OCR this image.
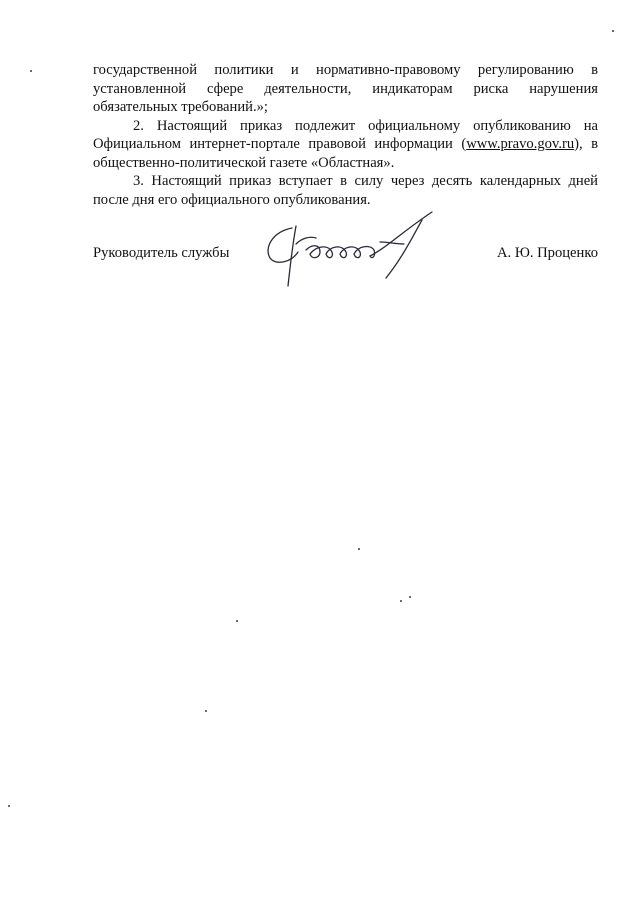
государственной политики и нормативно-правовому регулированию в установленной сфере деятельности, индикаторам риска нарушения обязательных требований.»;

2. Настоящий приказ подлежит официальному опубликованию на Официальном интернет-портале правовой информации (www.pravo.gov.ru), в общественно-политической газете «Областная».

3. Настоящий приказ вступает в силу через десять календарных дней после дня его официального опубликования.

Руководитель службы	А. Ю. Проценко
